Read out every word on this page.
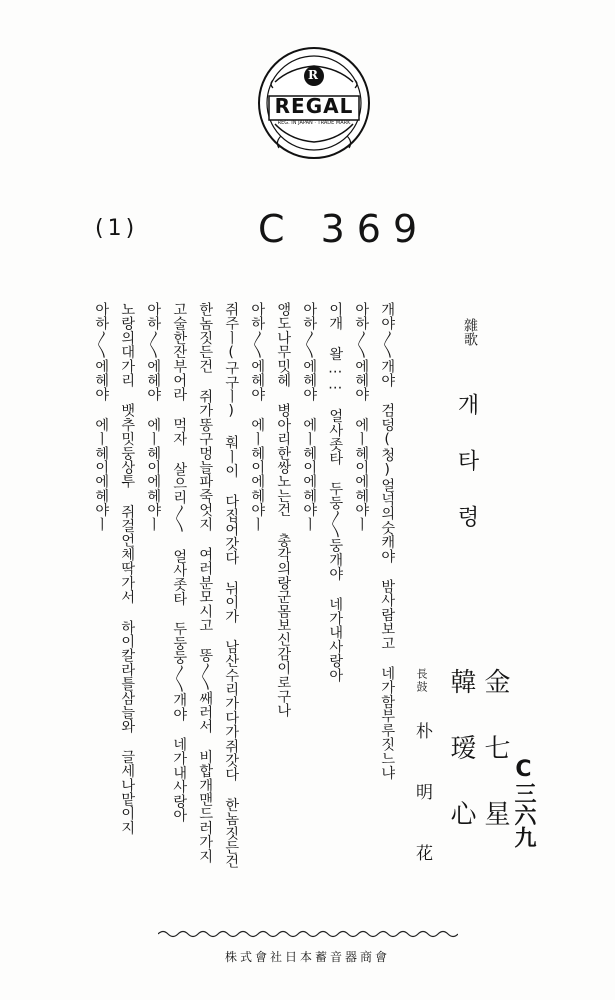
R
REGAL
REG. IN JAPAN · TRADE MARK
(1)	C 369
雜歌
개타령
개야〳〵개야 검덩(청)얼넉의숫캐야 밤사람보고 네가함부루짓느냐
아하〳〵에헤야 에ㅣ헤이에헤야ㅣ
이개 왈…… 얼사좃타 두둥〳〵둥개야 네가내사랑아
아하〳〵에헤야 에ㅣ헤이에헤야ㅣ
앵도나무밋헤 병아리한쌍노는건 총각의랑군몸보신감이로구나
아하〳〵에헤야 에ㅣ헤이에헤야ㅣ
쥐주ㅣ(구구ㅣ) 훠ㅣ이 다집어갓다 뉘이가 남산수리가다가쥐갓다 한놈짓든건
한놈짓든건 쥐가똥구멍늘파죽엇지 여러분모시고 똥〳〵쌔러서 비합개맨드러가지
고술한잔부어라 먹자 살으리〳〵 얼사좃타 두둥둥〳〵개야 네가내사랑아
아하〳〵에헤야 에ㅣ헤이에헤야ㅣ
노랑의대가리 뱃추밋둥상투 쥐걸언체딱가서 하이칼라틀삼늘와 글세나맡이지
아하〳〵에헤야 에ㅣ헤이에헤야ㅣ
金七星
韓瑷心
長鼓
朴明花	C三六九
株式會社日本蓄音器商會
